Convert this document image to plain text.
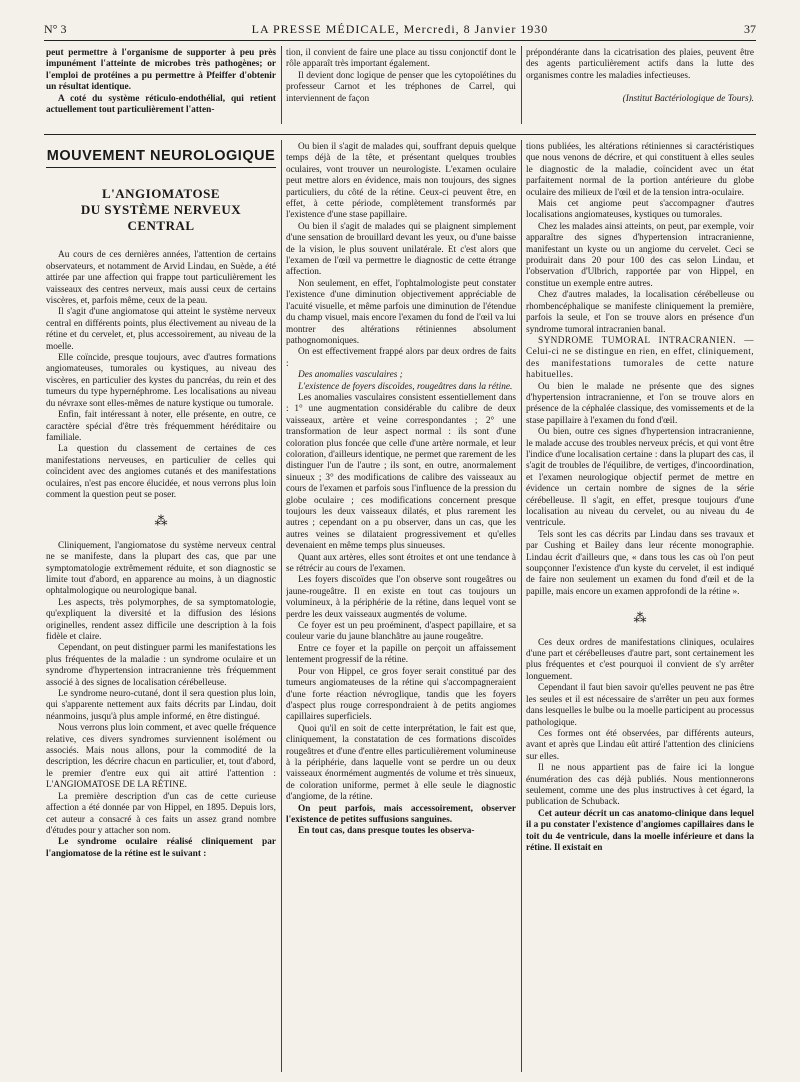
N° 3	LA PRESSE MÉDICALE, Mercredi, 8 Janvier 1930	37

peut permettre à l'organisme de supporter à peu près impunément l'atteinte de microbes très pathogènes; or l'emploi de protéines a pu permettre à Pfeiffer d'obtenir un résultat identique.

A coté du système réticulo-endothélial, qui retient actuellement tout particulièrement l'atten-

tion, il convient de faire une place au tissu conjonctif dont le rôle apparaît très important également.

Il devient donc logique de penser que les cytopoïétines du professeur Carnot et les tréphones de Carrel, qui interviennent de façon

prépondérante dans la cicatrisation des plaies, peuvent être des agents particulièrement actifs dans la lutte des organismes contre les maladies infectieuses.

(Institut Bactériologique de Tours).
MOUVEMENT NEUROLOGIQUE
L'ANGIOMATOSE
DU SYSTÈME NERVEUX CENTRAL

Au cours de ces dernières années, l'attention de certains observateurs, et notamment de Arvid Lindau, en Suède, a été attirée par une affection qui frappe tout particulièrement les vaisseaux des centres nerveux, mais aussi ceux de certains viscères, et, parfois même, ceux de la peau.

Il s'agit d'une angiomatose qui atteint le système nerveux central en différents points, plus électivement au niveau de la rétine et du cervelet, et, plus accessoirement, au niveau de la moelle.

Elle coïncide, presque toujours, avec d'autres formations angiomateuses, tumorales ou kystiques, au niveau des viscères, en particulier des kystes du pancréas, du rein et des tumeurs du type hypernéphrome. Les localisations au niveau du névraxe sont elles-mêmes de nature kystique ou tumorale.

Enfin, fait intéressant à noter, elle présente, en outre, ce caractère spécial d'être très fréquemment héréditaire ou familiale.

La question du classement de certaines de ces manifestations nerveuses, en particulier de celles qui coïncident avec des angiomes cutanés et des manifestations oculaires, n'est pas encore élucidée, et nous verrons plus loin comment la question peut se poser.

⁂

Cliniquement, l'angiomatose du système nerveux central ne se manifeste, dans la plupart des cas, que par une symptomatologie extrêmement réduite, et son diagnostic se limite tout d'abord, en apparence au moins, à un diagnostic ophtalmologique ou neurologique banal.

Les aspects, très polymorphes, de sa symptomatologie, qu'expliquent la diversité et la diffusion des lésions originelles, rendent assez difficile une description à la fois fidèle et claire.

Cependant, on peut distinguer parmi les manifestations les plus fréquentes de la maladie : un syndrome oculaire et un syndrome d'hypertension intracranienne très fréquemment associé à des signes de localisation cérébelleuse.

Le syndrome neuro-cutané, dont il sera question plus loin, qui s'apparente nettement aux faits décrits par Lindau, doit néanmoins, jusqu'à plus ample informé, en être distingué.

Nous verrons plus loin comment, et avec quelle fréquence relative, ces divers syndromes surviennent isolément ou associés. Mais nous allons, pour la commodité de la description, les décrire chacun en particulier, et, tout d'abord, le premier d'entre eux qui ait attiré l'attention : L'ANGIOMATOSE DE LA RÉTINE.

La première description d'un cas de cette curieuse affection a été donnée par von Hippel, en 1895. Depuis lors, cet auteur a consacré à ces faits un assez grand nombre d'études pour y attacher son nom.

Le syndrome oculaire réalisé cliniquement par l'angiomatose de la rétine est le suivant :

Ou bien il s'agit de malades qui, souffrant depuis quelque temps déjà de la tête, et présentant quelques troubles oculaires, vont trouver un neurologiste. L'examen oculaire peut mettre alors en évidence, mais non toujours, des signes particuliers, du côté de la rétine. Ceux-ci peuvent être, en effet, à cette période, complètement transformés par l'existence d'une stase papillaire.

Ou bien il s'agit de malades qui se plaignent simplement d'une sensation de brouillard devant les yeux, ou d'une baisse de la vision, le plus souvent unilatérale. Et c'est alors que l'examen de l'œil va permettre le diagnostic de cette étrange affection.

Non seulement, en effet, l'ophtalmologiste peut constater l'existence d'une diminution objectivement appréciable de l'acuité visuelle, et même parfois une diminution de l'étendue du champ visuel, mais encore l'examen du fond de l'œil va lui montrer des altérations rétiniennes absolument pathognomoniques.

On est effectivement frappé alors par deux ordres de faits :

Des anomalies vasculaires ;

L'existence de foyers discoïdes, rougeâtres dans la rétine.

Les anomalies vasculaires consistent essentiellement dans : 1° une augmentation considérable du calibre de deux vaisseaux, artère et veine correspondantes ; 2° une transformation de leur aspect normal : ils sont d'une coloration plus foncée que celle d'une artère normale, et leur coloration, d'ailleurs identique, ne permet que rarement de les distinguer l'un de l'autre ; ils sont, en outre, anormalement sinueux ; 3° des modifications de calibre des vaisseaux au cours de l'examen et parfois sous l'influence de la pression du globe oculaire ; ces modifications concernent presque toujours les deux vaisseaux dilatés, et plus rarement les autres ; cependant on a pu observer, dans un cas, que les autres veines se dilataient progressivement et qu'elles devenaient en même temps plus sinueuses.

Quant aux artères, elles sont étroites et ont une tendance à se rétrécir au cours de l'examen.

Les foyers discoïdes que l'on observe sont rougeâtres ou jaune-rougeâtre. Il en existe en tout cas toujours un volumineux, à la périphérie de la rétine, dans lequel vont se perdre les deux vaisseaux augmentés de volume.

Ce foyer est un peu proéminent, d'aspect papillaire, et sa couleur varie du jaune blanchâtre au jaune rougeâtre.

Entre ce foyer et la papille on perçoit un affaissement lentement progressif de la rétine.

Pour von Hippel, ce gros foyer serait constitué par des tumeurs angiomateuses de la rétine qui s'accompagneraient d'une forte réaction névroglique, tandis que les foyers d'aspect plus rouge correspondraient à de petits angiomes capillaires superficiels.

Quoi qu'il en soit de cette interprétation, le fait est que, cliniquement, la constatation de ces formations discoïdes rougeâtres et d'une d'entre elles particulièrement volumineuse à la périphérie, dans laquelle vont se perdre un ou deux vaisseaux énormément augmentés de volume et très sinueux, de coloration uniforme, permet à elle seule le diagnostic d'angiome, de la rétine.

On peut parfois, mais accessoirement, observer l'existence de petites suffusions sanguines.

En tout cas, dans presque toutes les observa-

tions publiées, les altérations rétiniennes si caractéristiques que nous venons de décrire, et qui constituent à elles seules le diagnostic de la maladie, coïncident avec un état parfaitement normal de la portion antérieure du globe oculaire des milieux de l'œil et de la tension intra-oculaire.

Mais cet angiome peut s'accompagner d'autres localisations angiomateuses, kystiques ou tumorales.

Chez les malades ainsi atteints, on peut, par exemple, voir apparaître des signes d'hypertension intracranienne, manifestant un kyste ou un angiome du cervelet. Ceci se produirait dans 20 pour 100 des cas selon Lindau, et l'observation d'Ulbrich, rapportée par von Hippel, en constitue un exemple entre autres.

Chez d'autres malades, la localisation cérébelleuse ou rhombencéphalique se manifeste cliniquement la première, parfois la seule, et l'on se trouve alors en présence d'un syndrome tumoral intracranien banal.

SYNDROME TUMORAL INTRACRANIEN. — Celui-ci ne se distingue en rien, en effet, cliniquement, des manifestations tumorales de cette nature habituelles.

Ou bien le malade ne présente que des signes d'hypertension intracranienne, et l'on se trouve alors en présence de la céphalée classique, des vomissements et de la stase papillaire à l'examen du fond d'œil.

Ou bien, outre ces signes d'hypertension intracranienne, le malade accuse des troubles nerveux précis, et qui vont être l'indice d'une localisation certaine : dans la plupart des cas, il s'agit de troubles de l'équilibre, de vertiges, d'incoordination, et l'examen neurologique objectif permet de mettre en évidence un certain nombre de signes de la série cérébelleuse. Il s'agit, en effet, presque toujours d'une localisation au niveau du cervelet, ou au niveau du 4e ventricule.

Tels sont les cas décrits par Lindau dans ses travaux et par Cushing et Bailey dans leur récente monographie. Lindau écrit d'ailleurs que, « dans tous les cas où l'on peut soupçonner l'existence d'un kyste du cervelet, il est indiqué de faire non seulement un examen du fond d'œil et de la papille, mais encore un examen approfondi de la rétine ».

⁂

Ces deux ordres de manifestations cliniques, oculaires d'une part et cérébelleuses d'autre part, sont certainement les plus fréquentes et c'est pourquoi il convient de s'y arrêter longuement.

Cependant il faut bien savoir qu'elles peuvent ne pas être les seules et il est nécessaire de s'arrêter un peu aux formes dans lesquelles le bulbe ou la moelle participent au processus pathologique.

Ces formes ont été observées, par différents auteurs, avant et après que Lindau eût attiré l'attention des cliniciens sur elles.

Il ne nous appartient pas de faire ici la longue énumération des cas déjà publiés. Nous mentionnerons seulement, comme une des plus instructives à cet égard, la publication de Schuback.

Cet auteur décrit un cas anatomo-clinique dans lequel il a pu constater l'existence d'angiomes capillaires dans le toit du 4e ventricule, dans la moelle inférieure et dans la rétine. Il existait en
